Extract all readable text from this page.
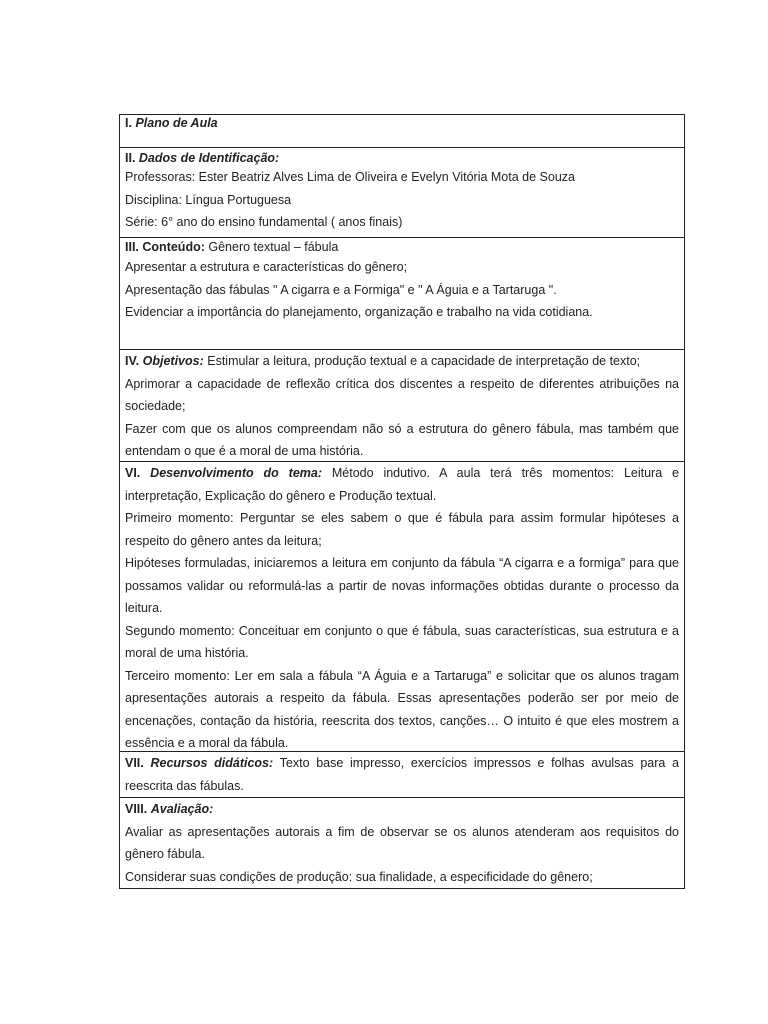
I. Plano de Aula

II. Dados de Identificação:

Professoras: Ester Beatriz Alves Lima de Oliveira e Evelyn Vitória Mota de Souza

Disciplina: Língua Portuguesa

Série: 6° ano do ensino fundamental ( anos finais)

III. Conteúdo: Gênero textual – fábula

Apresentar a estrutura e características do gênero;

Apresentação das fábulas " A cigarra e a Formiga" e " A Águia e a Tartaruga ".

Evidenciar a importância do planejamento, organização e trabalho na vida cotidiana.

IV. Objetivos: Estimular a leitura, produção textual e a capacidade de interpretação de texto;

Aprimorar a capacidade de reflexão crítica dos discentes a respeito de diferentes atribuições na

sociedade;

Fazer com que os alunos compreendam não só a estrutura do gênero fábula, mas também que

entendam o que é a moral de uma história.

VI. Desenvolvimento do tema: Método indutivo. A aula terá três momentos: Leitura e

interpretação, Explicação do gênero e Produção textual.

Primeiro momento: Perguntar se eles sabem o que é fábula para assim formular hipóteses a

respeito do gênero antes da leitura;

Hipóteses formuladas, iniciaremos a leitura em conjunto da fábula “A cigarra e a formiga” para que

possamos validar ou reformulá-las a partir de novas informações obtidas durante o processo da

leitura.

Segundo momento: Conceituar em conjunto o que é fábula, suas características, sua estrutura e a

moral de uma história.

Terceiro momento: Ler em sala a fábula “A Águia e a Tartaruga” e solicitar que os alunos tragam

apresentações autorais a respeito da fábula. Essas apresentações poderão ser por meio de

encenações, contação da história, reescrita dos textos, canções… O intuito é que eles mostrem a

essência e a moral da fábula.

VII. Recursos didáticos: Texto base impresso, exercícios impressos e folhas avulsas para a

reescrita das fábulas.

VIII. Avaliação:

Avaliar as apresentações autorais a fim de observar se os alunos atenderam aos requisitos do

gênero fábula.

Considerar suas condições de produção: sua finalidade, a especificidade do gênero;
